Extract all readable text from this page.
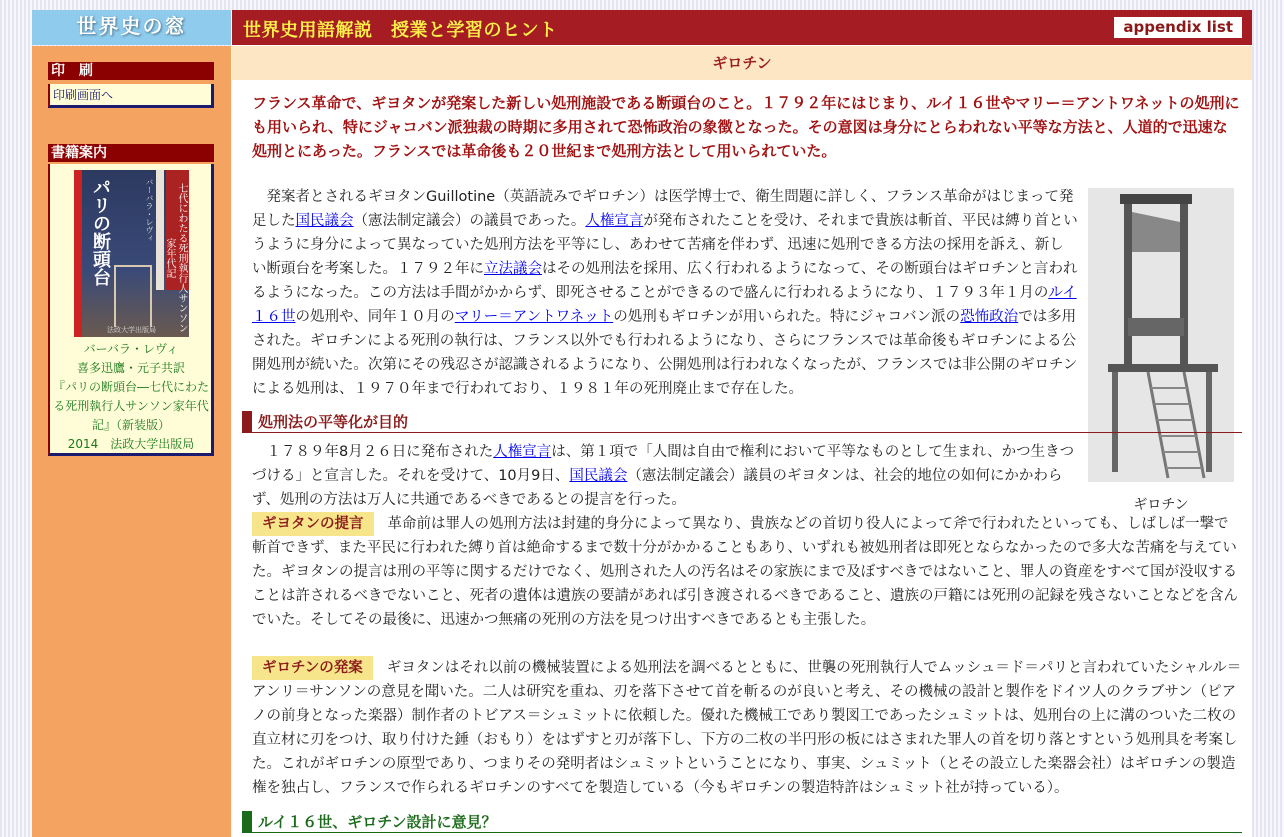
世界史の窓	世界史用語解説　授業と学習のヒント	appendix list
印　刷
印刷画面へ
書籍案内
パリの断頭台	七代にわたる死刑執行人サンソン家年代記
バーバラ・レヴィ
法政大学出版局
バーバラ・レヴィ
喜多迅鷹・元子共訳
『パリの断頭台―七代にわたる死刑執行人サンソン家年代記』（新装版）
2014　法政大学出版局
ギロチン
フランス革命で、ギヨタンが発案した新しい処刑施設である断頭台のこと。１７９２年にはじまり、ルイ１６世やマリー＝アントワネットの処刑にも用いられ、特にジャコバン派独裁の時期に多用されて恐怖政治の象徴となった。その意図は身分にとらわれない平等な方法と、人道的で迅速な処刑とにあった。フランスでは革命後も２０世紀まで処刑方法として用いられていた。
　発案者とされるギヨタンGuillotine（英語読みでギロチン）は医学博士で、衛生問題に詳しく、フランス革命がはじまって発足した国民議会（憲法制定議会）の議員であった。人権宣言が発布されたことを受け、それまで貴族は斬首、平民は縛り首というように身分によって異なっていた処刑方法を平等にし、あわせて苦痛を伴わず、迅速に処刑できる方法の採用を訴え、新しい断頭台を考案した。１７９２年に立法議会はその処刑法を採用、広く行われるようになって、その断頭台はギロチンと言われるようになった。この方法は手間がかからず、即死させることができるので盛んに行われるようになり、１７９３年１月のルイ１６世の処刑や、同年１０月のマリー＝アントワネットの処刑もギロチンが用いられた。特にジャコバン派の恐怖政治では多用された。ギロチンによる死刑の執行は、フランス以外でも行われるようになり、さらにフランスでは革命後もギロチンによる公開処刑が続いた。次第にその残忍さが認識されるようになり、公開処刑は行われなくなったが、フランスでは非公開のギロチンによる処刑は、１９７０年まで行われており、１９８１年の死刑廃止まで存在した。
ギロチン
処刑法の平等化が目的
　１７８９年8月２６日に発布された人権宣言は、第１項で「人間は自由で権利において平等なものとして生まれ、かつ生きつづける」と宣言した。それを受けて、10月9日、国民議会（憲法制定議会）議員のギヨタンは、社会的地位の如何にかかわらず、処刑の方法は万人に共通であるべきであるとの提言を行った。
ギヨタンの提言 革命前は罪人の処刑方法は封建的身分によって異なり、貴族などの首切り役人によって斧で行われたといっても、しばしば一撃で斬首できず、また平民に行われた縛り首は絶命するまで数十分がかかることもあり、いずれも被処刑者は即死とならなかったので多大な苦痛を与えていた。ギヨタンの提言は刑の平等に関するだけでなく、処刑された人の汚名はその家族にまで及ぼすべきではないこと、罪人の資産をすべて国が没収することは許されるべきでないこと、死者の遺体は遺族の要請があれば引き渡されるべきであること、遺族の戸籍には死刑の記録を残さないことなどを含んでいた。そしてその最後に、迅速かつ無痛の死刑の方法を見つけ出すべきであるとも主張した。
ギロチンの発案 ギヨタンはそれ以前の機械装置による処刑法を調べるとともに、世襲の死刑執行人でムッシュ＝ド＝パリと言われていたシャルル＝アンリ＝サンソンの意見を聞いた。二人は研究を重ね、刃を落下させて首を斬るのが良いと考え、その機械の設計と製作をドイツ人のクラブサン（ピアノの前身となった楽器）制作者のトビアス＝シュミットに依頼した。優れた機械工であり製図工であったシュミットは、処刑台の上に溝のついた二枚の直立材に刃をつけ、取り付けた錘（おもり）をはずすと刃が落下し、下方の二枚の半円形の板にはさまれた罪人の首を切り落とすという処刑具を考案した。これがギロチンの原型であり、つまりその発明者はシュミットということになり、事実、シュミット（とその設立した楽器会社）はギロチンの製造権を独占し、フランスで作られるギロチンのすべてを製造している（今もギロチンの製造特許はシュミット社が持っている）。
ルイ１６世、ギロチン設計に意見？
